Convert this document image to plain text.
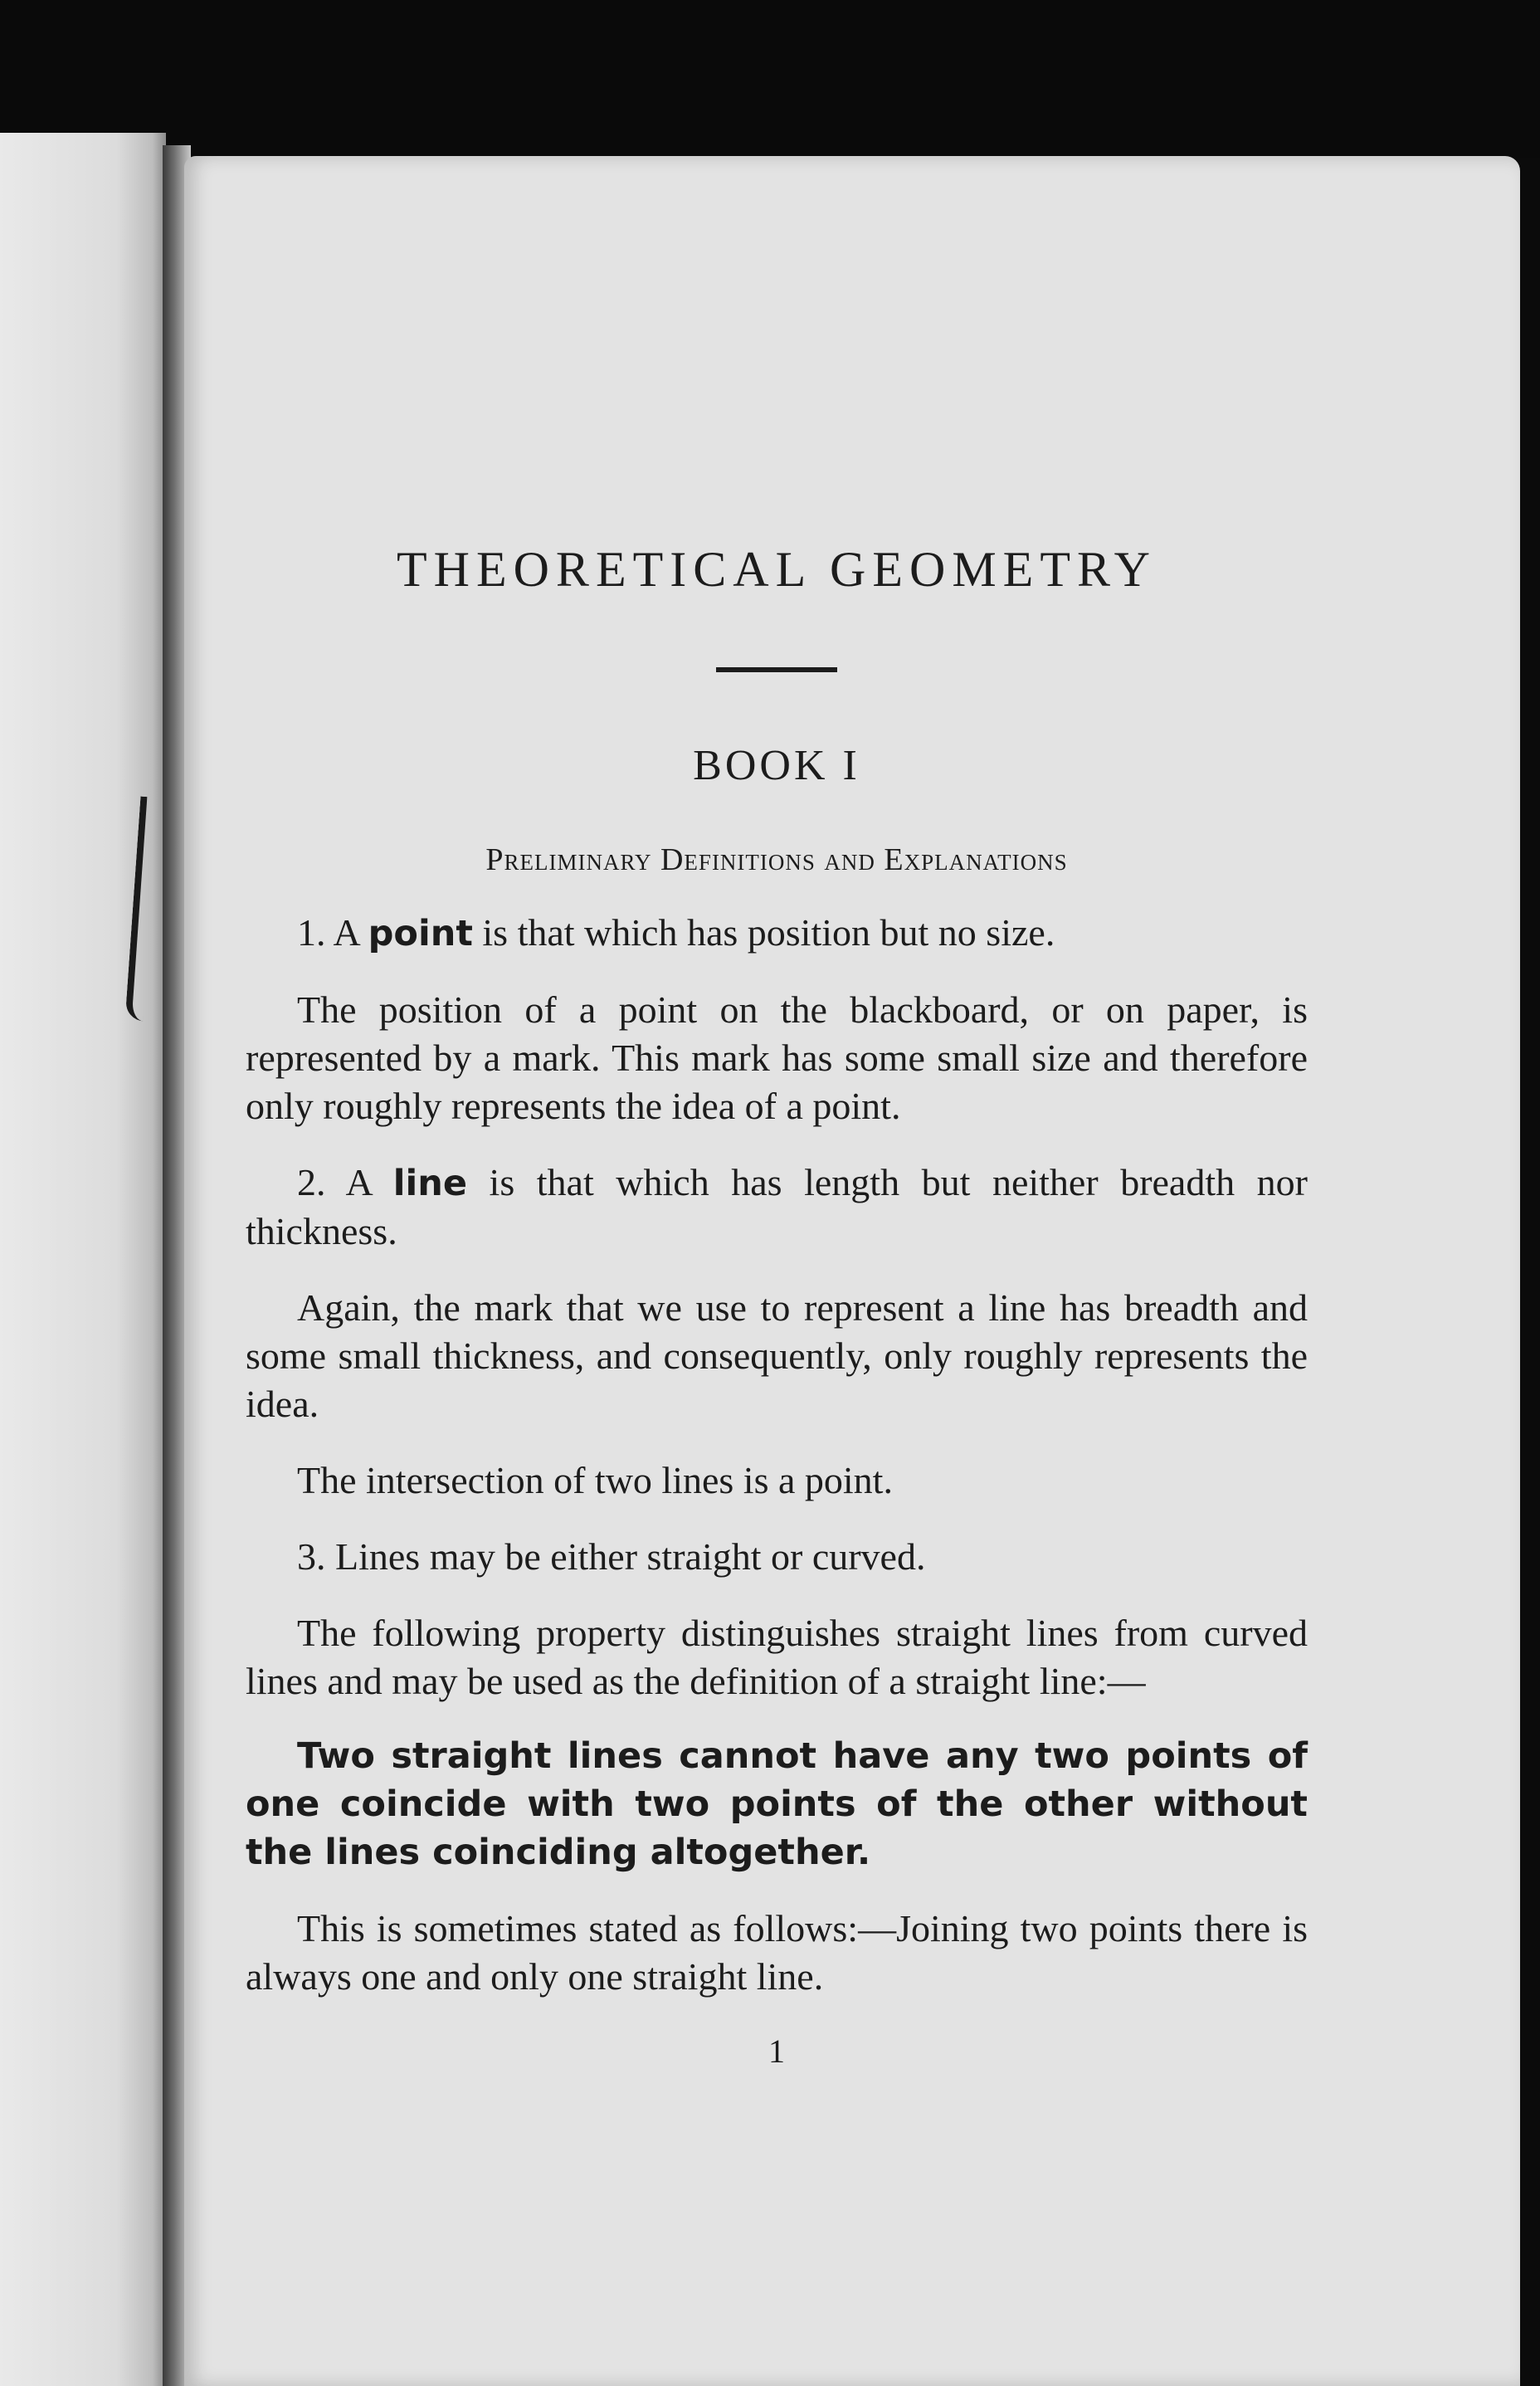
THEORETICAL GEOMETRY
BOOK I
Preliminary Definitions and Explanations

1. A point is that which has position but no size.

The position of a point on the blackboard, or on paper, is represented by a mark. This mark has some small size and therefore only roughly represents the idea of a point.

2. A line is that which has length but neither breadth nor thickness.

Again, the mark that we use to represent a line has breadth and some small thickness, and consequently, only roughly represents the idea.

The intersection of two lines is a point.

3. Lines may be either straight or curved.

The following property distinguishes straight lines from curved lines and may be used as the definition of a straight line:—

Two straight lines cannot have any two points of one coincide with two points of the other without the lines coinciding altogether.

This is sometimes stated as follows:—Joining two points there is always one and only one straight line.

1
